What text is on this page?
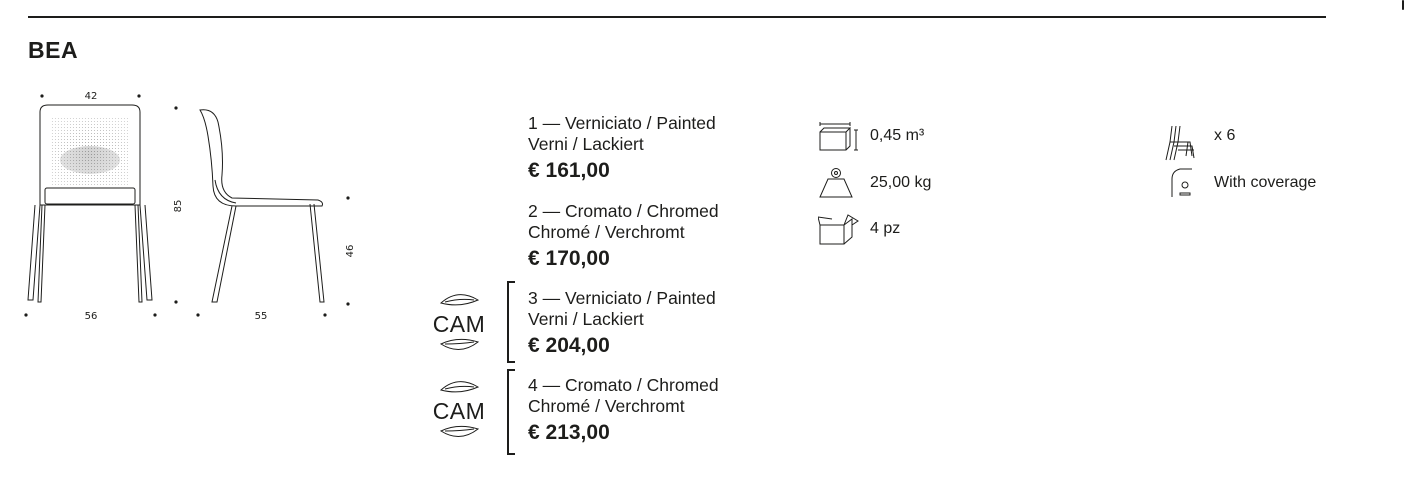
BEA
42
85
56
46
55
1 — Verniciato / Painted
Verni / Lackiert
€ 161,00
2 — Cromato / Chromed
Chromé / Verchromt
€ 170,00
3 — Verniciato / Painted
Verni / Lackiert
€ 204,00
4 — Cromato / Chromed
Chromé / Verchromt
€ 213,00
CAM
CAM
0,45 m³
25,00 kg
4 pz
x 6
With coverage
